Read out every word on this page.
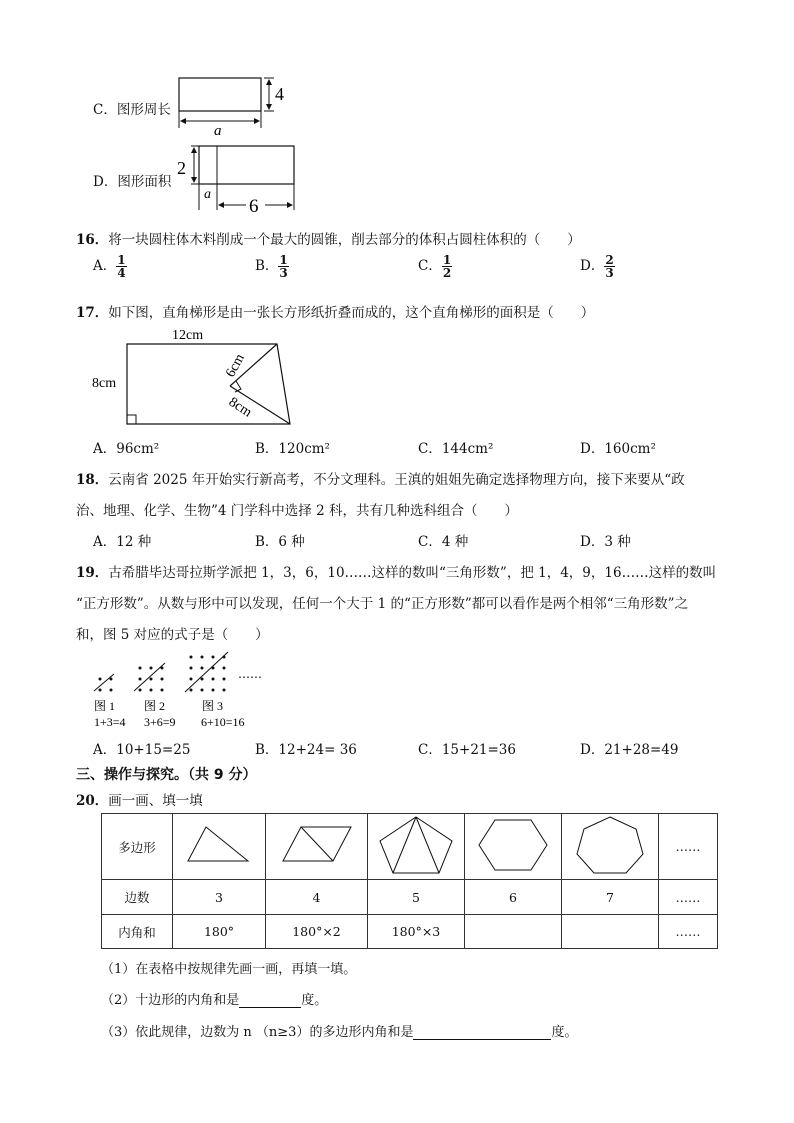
C．图形周长
4
a
D．图形面积
2
a
6
16．将一块圆柱体木料削成一个最大的圆锥，削去部分的体积占圆柱体积的（　　）
A． $\frac{1}{4}$	B． $\frac{1}{3}$	C． $\frac{1}{2}$	D． $\frac{2}{3}$
17．如下图，直角梯形是由一张长方形纸折叠而成的，这个直角梯形的面积是（　　）
12cm
8cm
6cm
8cm
A．96cm²	B．120cm²	C．144cm²	D．160cm²
18．云南省 2025 年开始实行新高考，不分文理科。王滇的姐姐先确定选择物理方向，接下来要从“政
治、地理、化学、生物”4 门学科中选择 2 科，共有几种选科组合（　　）
A．12 种	B．6 种	C．4 种	D．3 种
19．古希腊毕达哥拉斯学派把 1，3，6，10……这样的数叫“三角形数”，把 1，4，9，16……这样的数叫
“正方形数”。从数与形中可以发现，任何一个大于 1 的“正方形数”都可以看作是两个相邻“三角形数”之
和，图 5 对应的式子是（　　）
……
图 1 图 2	图 3
1+3=4 3+6=9 6+10=16
A．10+15=25	B．12+24= 36	C．15+21=36	D．21+28=49
三、操作与探究。（共 9 分）
20．画一画、填一填
多边形						……
边数	3	4	5	6	7	……
内角和	180°	180°×2	180°×3			……
（1）在表格中按规律先画一画，再填一填。
（2）十边形的内角和是	度。
（3）依此规律，边数为 n （n≥3）的多边形内角和是	度。
